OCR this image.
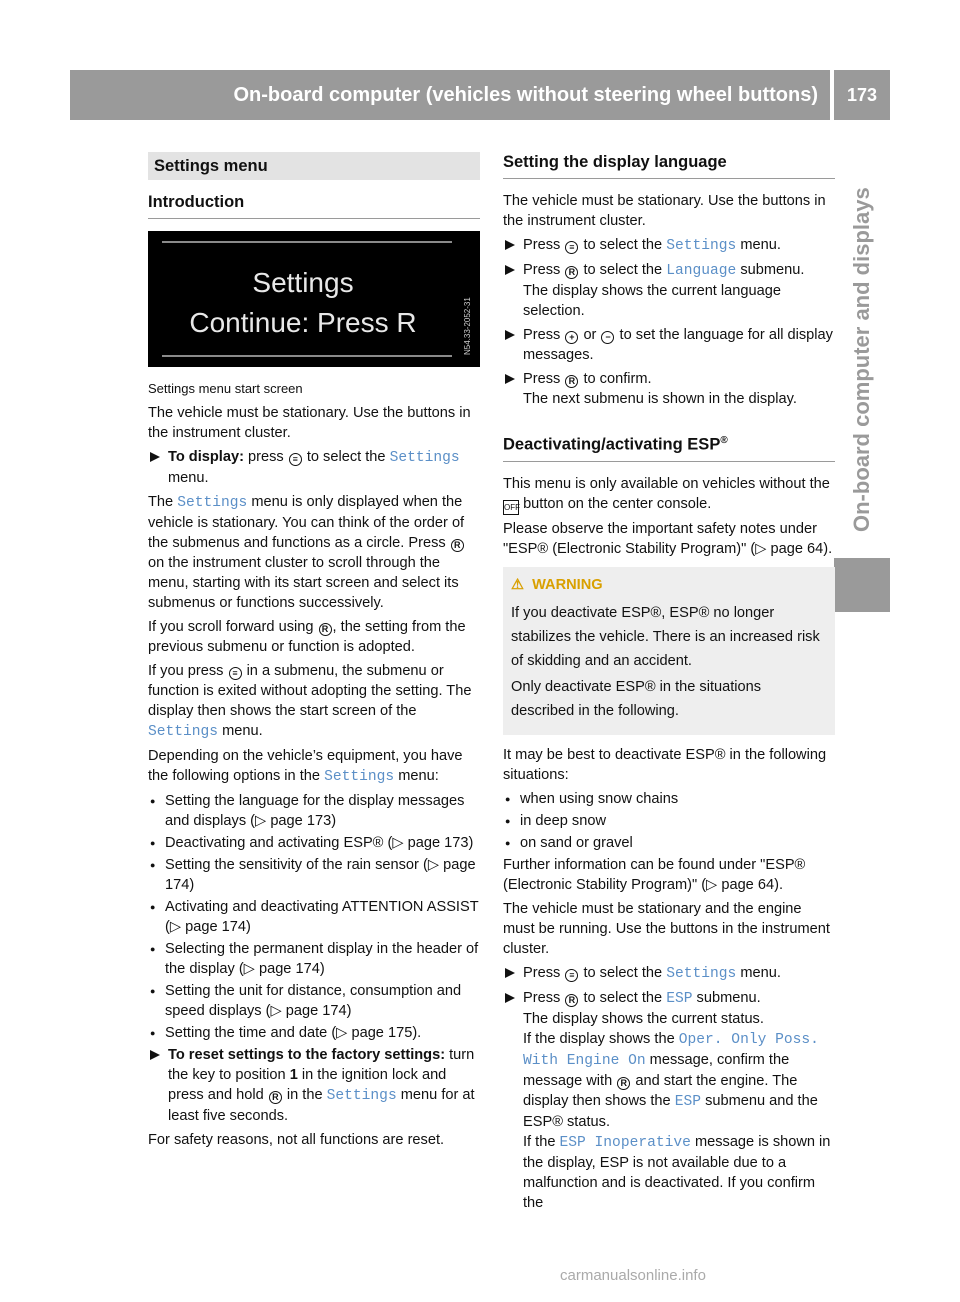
On-board computer (vehicles without steering wheel buttons)	173
On-board computer and displays
Settings menu
Introduction
Settings
Continue: Press R	N54.33-2052-31
Settings menu start screen

The vehicle must be stationary. Use the buttons in the instrument cluster.

To display: press ≡ to select the Settings menu.

The Settings menu is only displayed when the vehicle is stationary. You can think of the order of the submenus and functions as a circle. Press R on the instrument cluster to scroll through the menu, starting with its start screen and select its submenus or functions successively.

If you scroll forward using R , the setting from the previous submenu or function is adopted.

If you press ≡ in a submenu, the submenu or function is exited without adopting the setting. The display then shows the start screen of the Settings menu.

Depending on the vehicle’s equipment, you have the following options in the Settings menu:

● Setting the language for the display messages and displays (▷ page 173)
● Deactivating and activating ESP® (▷ page 173)
● Setting the sensitivity of the rain sensor (▷ page 174)
● Activating and deactivating ATTENTION ASSIST (▷ page 174)
● Selecting the permanent display in the header of the display (▷ page 174)
● Setting the unit for distance, consumption and speed displays (▷ page 174)
● Setting the time and date (▷ page 175).
To reset settings to the factory settings: turn the key to position 1 in the ignition lock and press and hold R in the Settings menu for at least five seconds.

For safety reasons, not all functions are reset.

Setting the display language

The vehicle must be stationary. Use the buttons in the instrument cluster.

Press ≡ to select the Settings menu.
Press R to select the Language submenu.
The display shows the current language selection.
Press + or − to set the language for all display messages.
Press R to confirm.
The next submenu is shown in the display.
Deactivating/activating ESP®

This menu is only available on vehicles without the OFF button on the center console.

Please observe the important safety notes under "ESP® (Electronic Stability Program)" (▷ page 64).

⚠ WARNING

If you deactivate ESP®, ESP® no longer stabilizes the vehicle. There is an increased risk of skidding and an accident.

Only deactivate ESP® in the situations described in the following.

It may be best to deactivate ESP® in the following situations:

● when using snow chains
● in deep snow
● on sand or gravel

Further information can be found under "ESP® (Electronic Stability Program)" (▷ page 64).

The vehicle must be stationary and the engine must be running. Use the buttons in the instrument cluster.

Press ≡ to select the Settings menu.
Press R to select the ESP submenu.
The display shows the current status.
If the display shows the Oper. Only Poss. With Engine On message, confirm the message with R and start the engine. The display then shows the ESP submenu and the ESP® status.
If the ESP Inoperative message is shown in the display, ESP is not available due to a malfunction and is deactivated. If you confirm the
carmanualsonline.info
